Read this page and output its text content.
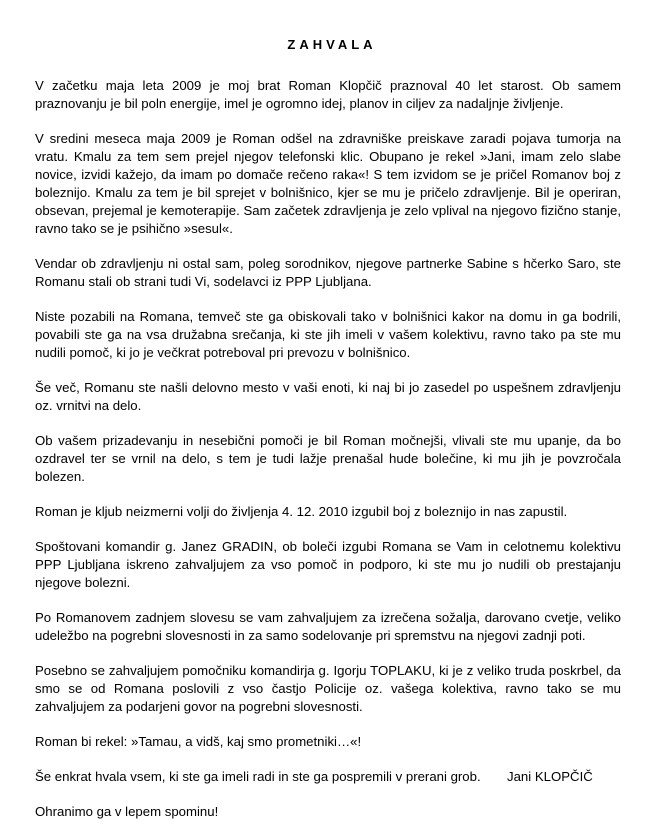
ZAHVALA

V začetku maja leta 2009 je moj brat Roman Klopčič praznoval 40 let starost. Ob samem praznovanju je bil poln energije, imel je ogromno idej, planov in ciljev za nadaljnje življenje.

V sredini meseca maja 2009 je Roman odšel na zdravniške preiskave zaradi pojava tumorja na vratu. Kmalu za tem sem prejel njegov telefonski klic. Obupano je rekel »Jani, imam zelo slabe novice, izvidi kažejo, da imam po domače rečeno raka«! S tem izvidom se je pričel Romanov boj z boleznijo. Kmalu za tem je bil sprejet v bolnišnico, kjer se mu je pričelo zdravljenje. Bil je operiran, obsevan, prejemal je kemoterapije. Sam začetek zdravljenja je zelo vplival na njegovo fizično stanje, ravno tako se je psihično »sesul«.

Vendar ob zdravljenju ni ostal sam, poleg sorodnikov, njegove partnerke Sabine s hčerko Saro, ste Romanu stali ob strani tudi Vi, sodelavci iz PPP Ljubljana.

Niste pozabili na Romana, temveč ste ga obiskovali tako v bolnišnici kakor na domu in ga bodrili, povabili ste ga na vsa družabna srečanja, ki ste jih imeli v vašem kolektivu, ravno tako pa ste mu nudili pomoč, ki jo je večkrat potreboval pri prevozu v bolnišnico.

Še več, Romanu ste našli delovno mesto v vaši enoti, ki naj bi jo zasedel po uspešnem zdravljenju oz. vrnitvi na delo.

Ob vašem prizadevanju in nesebični pomoči je bil Roman močnejši, vlivali ste mu upanje, da bo ozdravel ter se vrnil na delo, s tem je tudi lažje prenašal hude bolečine, ki mu jih je povzročala bolezen.

Roman je kljub neizmerni volji do življenja 4. 12. 2010 izgubil boj z boleznijo in nas zapustil.

Spoštovani komandir g. Janez GRADIN, ob boleči izgubi Romana se Vam in celotnemu kolektivu PPP Ljubljana iskreno zahvaljujem za vso pomoč in podporo, ki ste mu jo nudili ob prestajanju njegove bolezni.

Po Romanovem zadnjem slovesu se vam zahvaljujem za izrečena sožalja, darovano cvetje, veliko udeležbo na pogrebni slovesnosti in za samo sodelovanje pri spremstvu na njegovi zadnji poti.

Posebno se zahvaljujem pomočniku komandirja g. Igorju TOPLAKU, ki je z veliko truda poskrbel, da smo se od Romana poslovili z vso častjo Policije oz. vašega kolektiva, ravno tako se mu zahvaljujem za podarjeni govor na pogrebni slovesnosti.

Roman bi rekel: »Tamau, a vidš, kaj smo prometniki…«!

Še enkrat hvala vsem, ki ste ga imeli radi in ste ga pospremili v prerani grob.

Ohranimo ga v lepem spominu!

Jani KLOPČIČ
